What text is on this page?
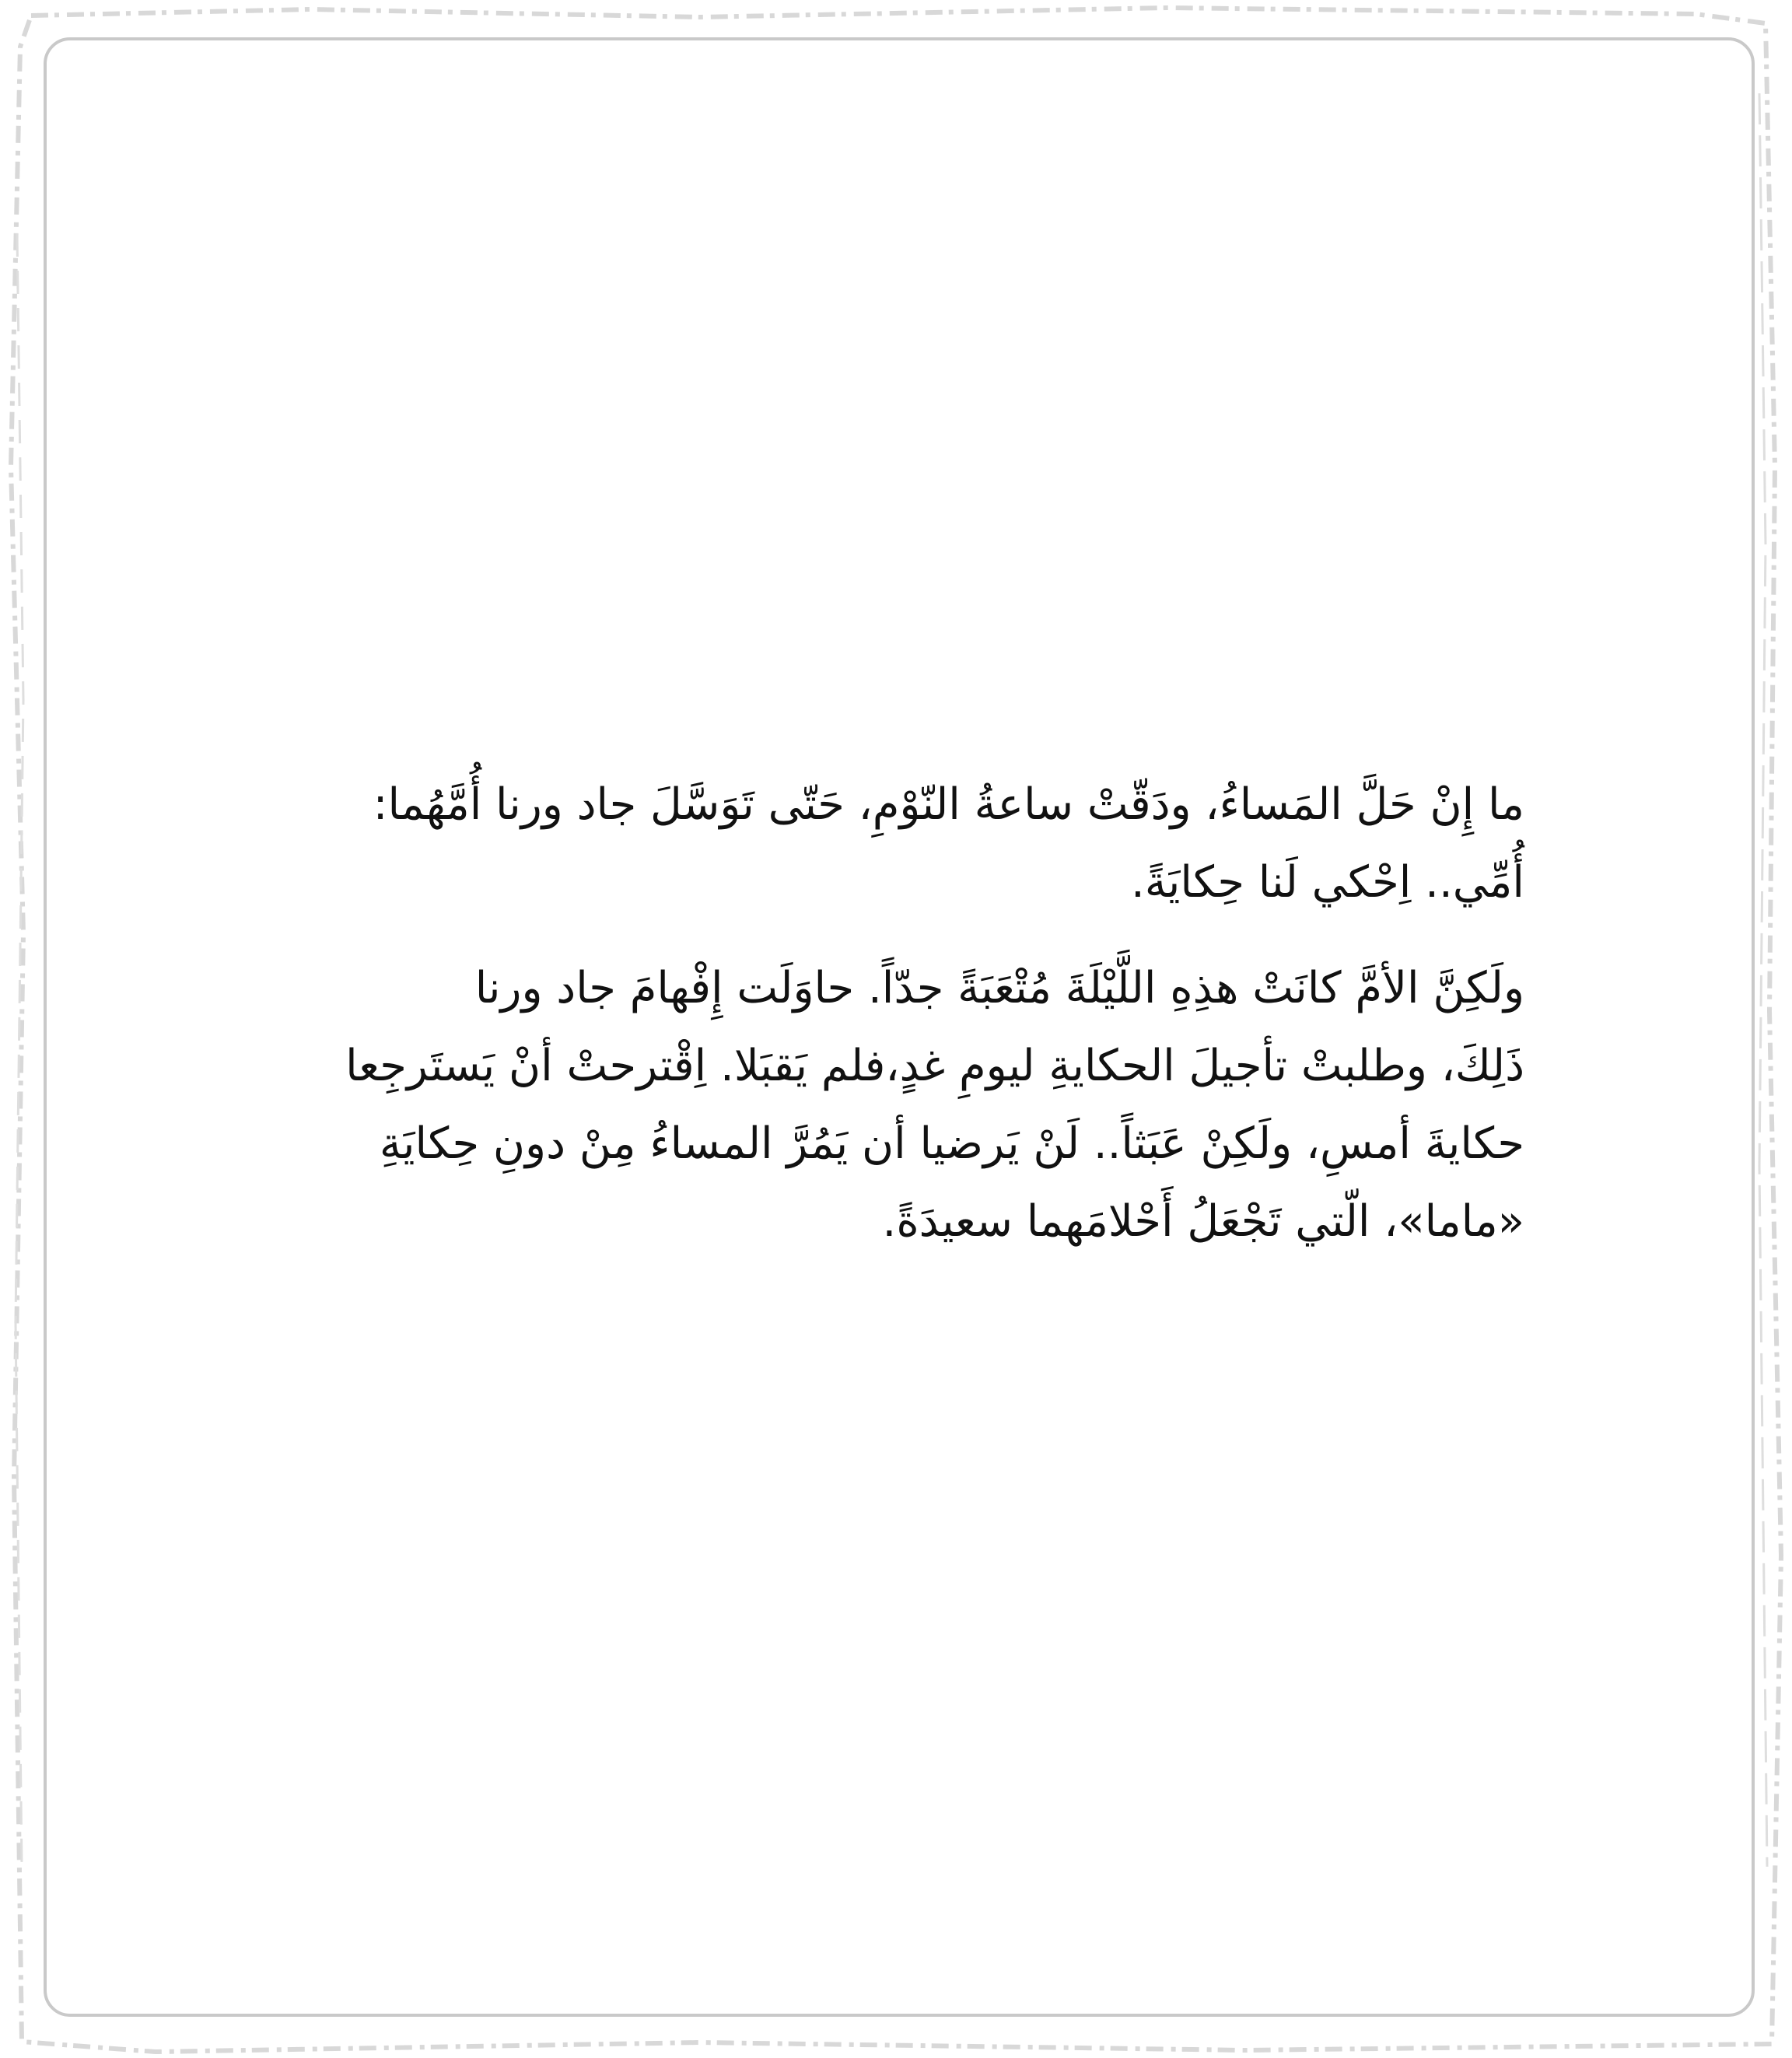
ما إِنْ حَلَّ المَساءُ، ودَقّتْ ساعةُ النّوْمِ، حَتّى تَوَسَّلَ جاد ورنا أُمَّهُما:
أُمِّي.. اِحْكي لَنا حِكايَةً.

ولَكِنَّ الأمَّ كانَتْ هذِهِ اللَّيْلَةَ مُتْعَبَةً جدّاً. حاوَلَت إِفْهامَ جاد ورنا
ذَلِكَ، وطلبتْ تأجيلَ الحكايةِ ليومِ غدٍ،فلم يَقبَلا. اِقْترحتْ أنْ يَستَرجِعا
حكايةَ أمسِ، ولَكِنْ عَبَثاً.. لَنْ يَرضيا أن يَمُرَّ المساءُ مِنْ دونِ حِكايَةِ
«ماما»، الّتي تَجْعَلُ أَحْلامَهما سعيدَةً.
